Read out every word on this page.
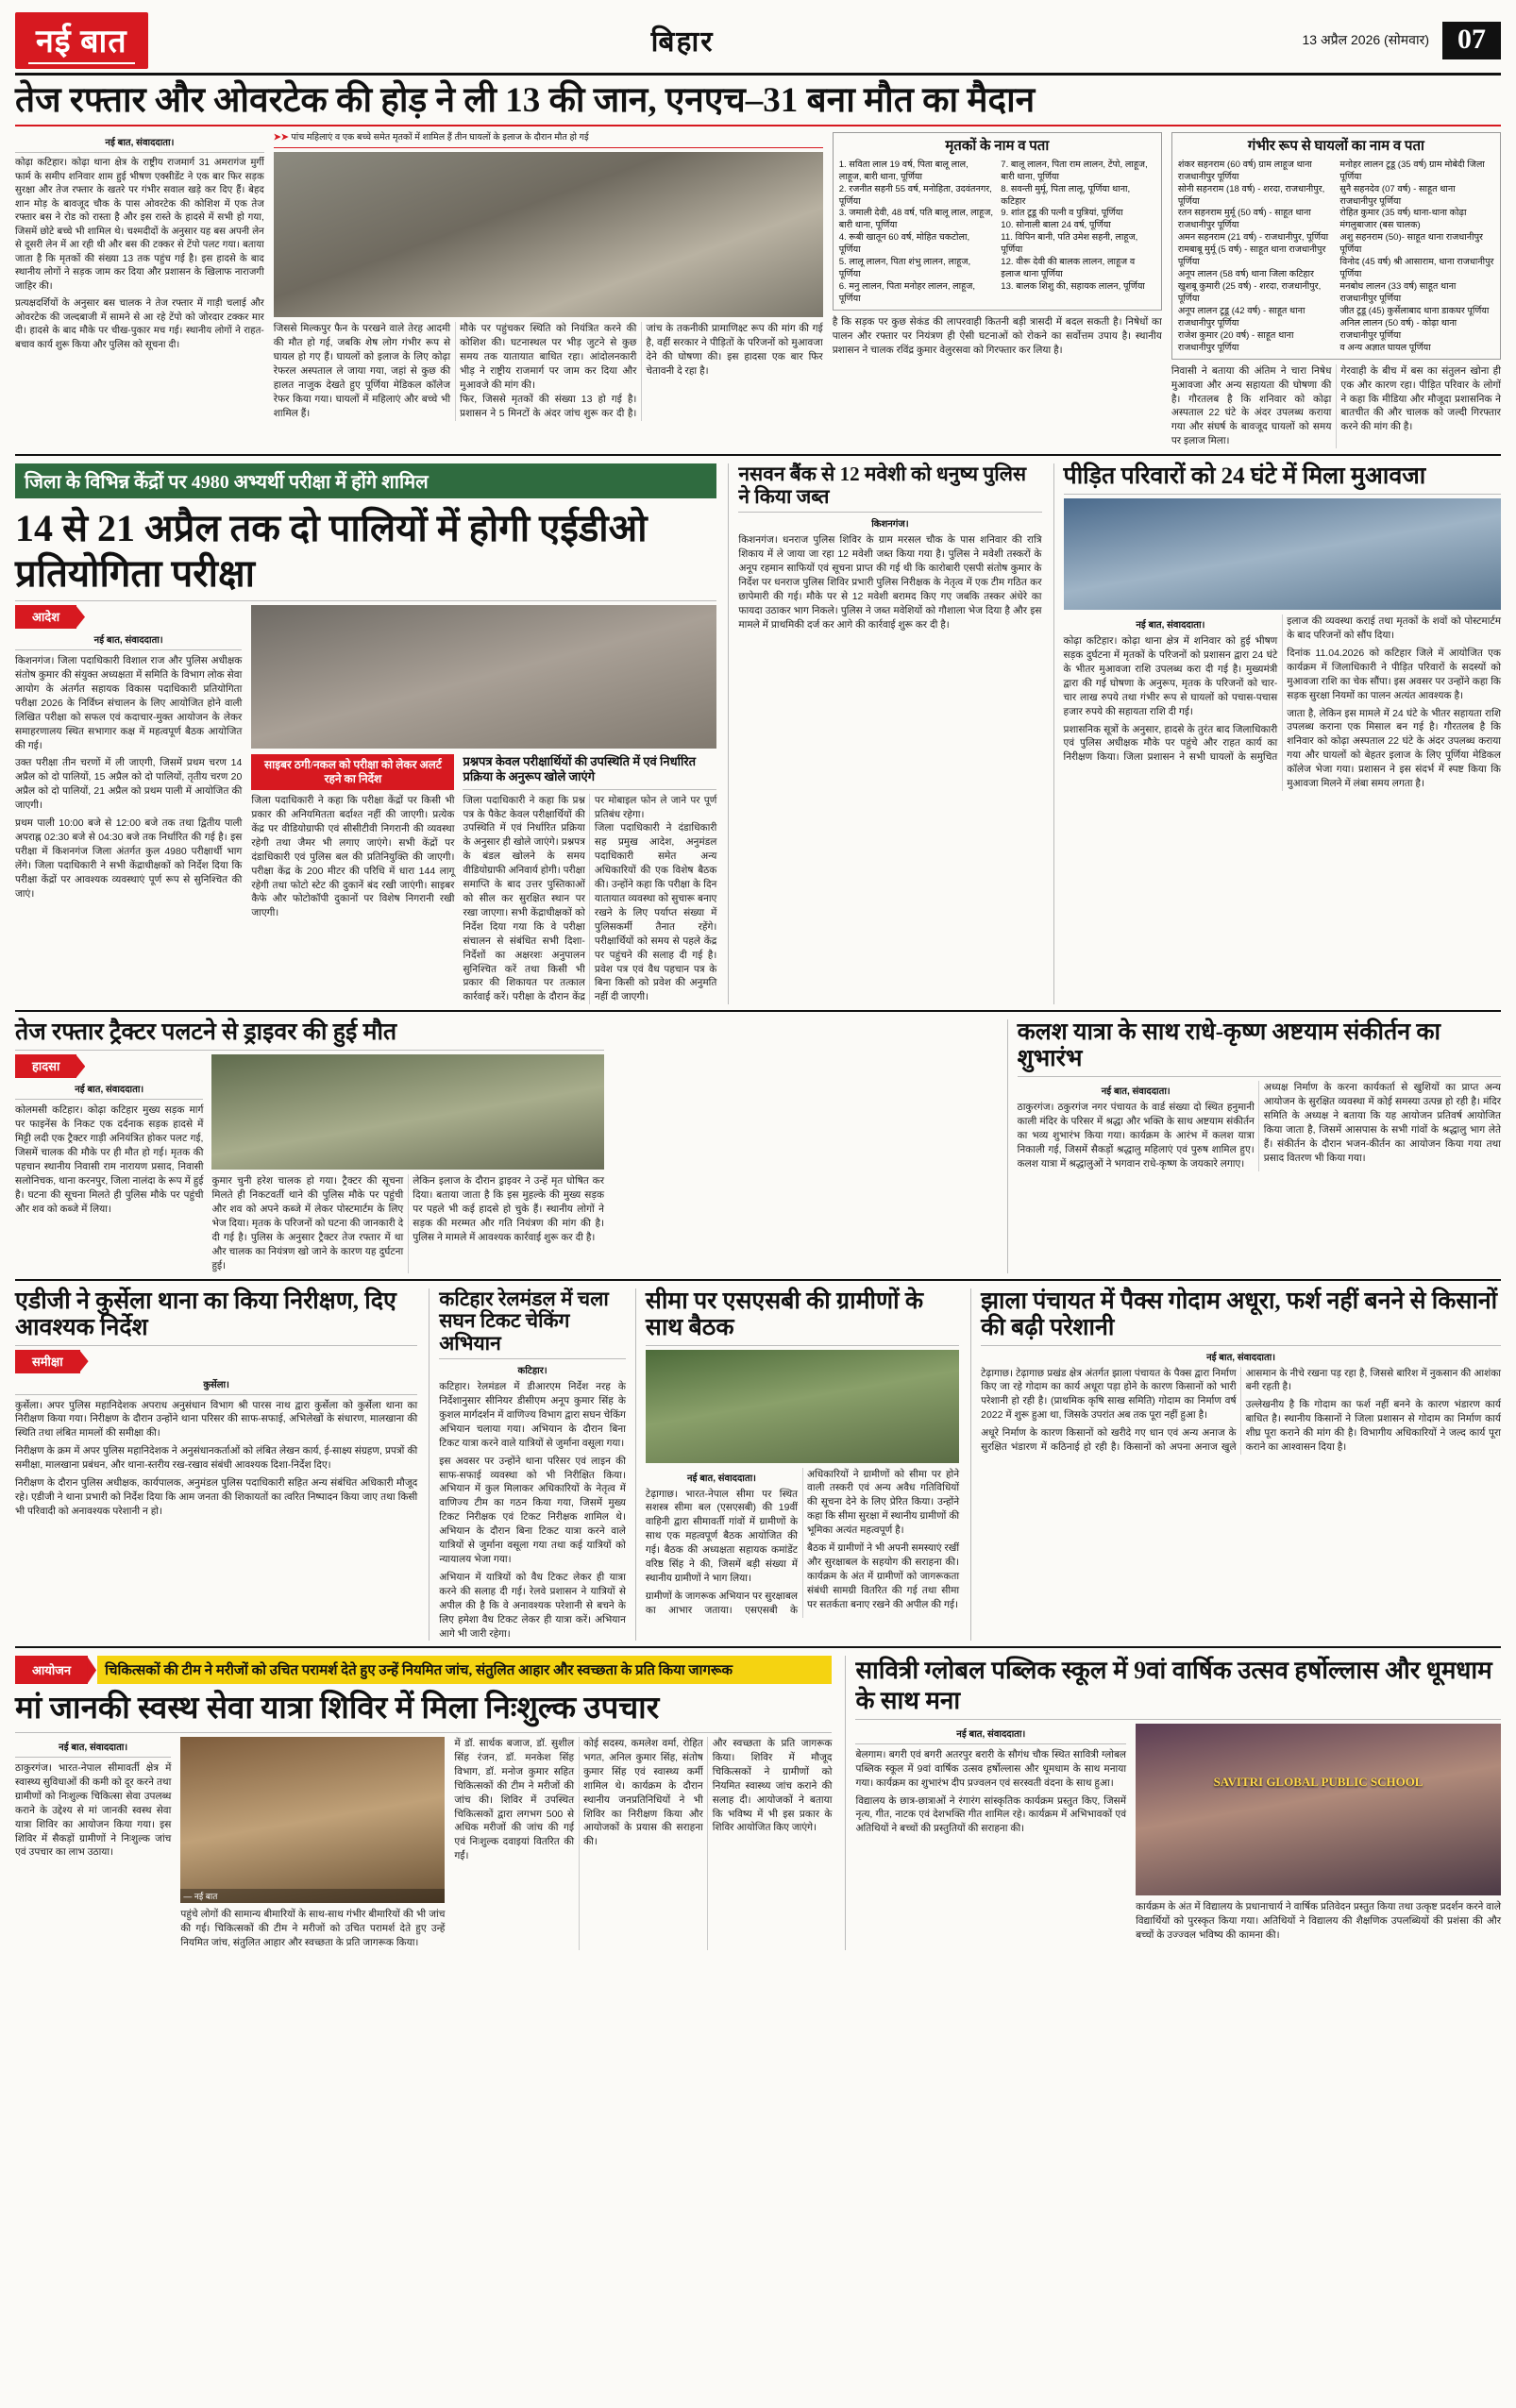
नई बात	बिहार	13 अप्रैल 2026 (सोमवार)	07
तेज रफ्तार और ओवरटेक की होड़ ने ली 13 की जान, एनएच–31 बना मौत का मैदान
नई बात, संवाददाता।
कोढ़ा कटिहार। कोढ़ा थाना क्षेत्र के राष्ट्रीय राजमार्ग 31 अमरागंज मुर्गी फार्म के समीप शनिवार शाम हुई भीषण एक्सीडेंट ने एक बार फिर सड़क सुरक्षा और तेज रफ्तार के खतरे पर गंभीर सवाल खड़े कर दिए हैं। बेहद शान मोड़ के बावजूद चौक के पास ओवरटेक की कोशिश में एक तेज रफ्तार बस ने रोड को रास्ता है और इस रास्ते के हादसे में सभी हो गया, जिसमें छोटे बच्चे भी शामिल थे। चश्मदीदों के अनुसार यह बस अपनी लेन से दूसरी लेन में आ रही थी और बस की टक्कर से टेंपो पलट गया। बताया जाता है कि मृतकों की संख्या 13 तक पहुंच गई है। इस हादसे के बाद स्थानीय लोगों ने सड़क जाम कर दिया और प्रशासन के खिलाफ नाराजगी जाहिर की।
प्रत्यक्षदर्शियों के अनुसार बस चालक ने तेज रफ्तार में गाड़ी चलाई और ओवरटेक की जल्दबाजी में सामने से आ रहे टेंपो को जोरदार टक्कर मार दी। हादसे के बाद मौके पर चीख-पुकार मच गई। स्थानीय लोगों ने राहत-बचाव कार्य शुरू किया और पुलिस को सूचना दी।
➤➤ पांच महिलाएं व एक बच्चे समेत मृतकों में शामिल हैं तीन घायलों के इलाज के दौरान मौत हो गई
जिससे मिल्कपुर फैन के परखने वाले तेरह आदमी की मौत हो गई, जबकि शेष लोग गंभीर रूप से घायल हो गए हैं। घायलों को इलाज के लिए कोढ़ा रेफरल अस्पताल ले जाया गया, जहां से कुछ की हालत नाजुक देखते हुए पूर्णिया मेडिकल कॉलेज रेफर किया गया। घायलों में महिलाएं और बच्चे भी शामिल हैं।
मौके पर पहुंचकर स्थिति को नियंत्रित करने की कोशिश की। घटनास्थल पर भीड़ जुटने से कुछ समय तक यातायात बाधित रहा। आंदोलनकारी भीड़ ने राष्ट्रीय राजमार्ग पर जाम कर दिया और मुआवजे की मांग की।
फिर, जिससे मृतकों की संख्या 13 हो गई है। प्रशासन ने 5 मिनटों के अंदर जांच शुरू कर दी है। जांच के तकनीकी प्रामाणिक्ष्ट रूप की मांग की गई है, वहीं सरकार ने पीड़ितों के परिजनों को मुआवजा देने की घोषणा की। इस हादसा एक बार फिर चेतावनी दे रहा है।
मृतकों के नाम व पता
1. सविता लाल 19 वर्ष, पिता बालू लाल, लाहूज, बारी थाना, पूर्णिया
2. रजनीत सहनी 55 वर्ष, मनोहिता, उदवंतनगर, पूर्णिया
3. जमाली देवी, 48 वर्ष, पति बालू लाल, लाहूज, बारी थाना, पूर्णिया
4. रूबी खातून 60 वर्ष, मोहित चकटोला, पूर्णिया
5. लालू लालन, पिता शंभु लालन, लाहूज, पूर्णिया
6. मनु लालन, पिता मनोहर लालन, लाहूज, पूर्णिया
7. बालू लालन, पिता राम लालन, टेंपो, लाहूज, बारी थाना, पूर्णिया
8. सवन्ती मुर्मू, पिता लालू, पूर्णिया थाना, कटिहार
9. शांत टूडू की पत्नी व पुत्रियां, पूर्णिया
10. सोनाली बाला 24 वर्ष, पूर्णिया
11. विपिन बानी, पति उमेश सहनी, लाहूज, पूर्णिया
12. वीरू देवी की बालक लालन, लाहूज व इलाज थाना पूर्णिया
13. बालक शिशु की, सहायक लालन, पूर्णिया
है कि सड़क पर कुछ सेकंड की लापरवाही कितनी बड़ी त्रासदी में बदल सकती है। निषेधों का पालन और रफ्तार पर नियंत्रण ही ऐसी घटनाओं को रोकने का सर्वोत्तम उपाय है। स्थानीय प्रशासन ने चालक रविंद्र कुमार वेलुरसवा को गिरफ्तार कर लिया है।
गंभीर रूप से घायलों का नाम व पता
शंकर सहनराम (60 वर्ष) ग्राम लाहूज थाना राजधानीपुर पूर्णिया
सोनी सहनराम (18 वर्ष) - शरदा, राजधानीपुर, पूर्णिया
रतन सहनराम मुर्मू (50 वर्ष) - साहूत थाना राजधानीपुर पूर्णिया
अमन सहनराम (21 वर्ष) - राजधानीपुर, पूर्णिया
रामबाबू मुर्मू (5 वर्ष) - साहूत थाना राजधानीपुर पूर्णिया
अनूप लालन (58 वर्ष) थाना जिला कटिहार
खुशबू कुमारी (25 वर्ष) - शरदा, राजधानीपुर, पूर्णिया
अनूप लालन टूडू (42 वर्ष) - साहूत थाना राजधानीपुर पूर्णिया
राजेश कुमार (20 वर्ष) - साहूत थाना राजधानीपुर पूर्णिया
मनोहर लालन टूडू (35 वर्ष) ग्राम मोबेदी जिला पूर्णिया
सुनै सहनदेव (07 वर्ष) - साहूत थाना राजधानीपुर पूर्णिया
रोहित कुमार (35 वर्ष) थाना-थाना कोढ़ा मंगलुबाजार (बस चालक)
अशु सहनराम (50)- साहूत थाना राजधानीपुर पूर्णिया
विनोद (45 वर्ष) श्री आसाराम, थाना राजधानीपुर पूर्णिया
मनबोध लालन (33 वर्ष) साहूत थाना राजधानीपुर पूर्णिया
जीत टूडू (45) कुर्सेलाबाद थाना डाकघर पूर्णिया
अनिल लालन (50 वर्ष) - कोढ़ा थाना राजधानीपुर पूर्णिया
व अन्य अज्ञात घायल पूर्णिया
निवासी ने बताया की अंतिम ने चारा निषेध मुआवजा और अन्य सहायता की घोषणा की है। गौरतलब है कि शनिवार को कोढ़ा अस्पताल 22 घंटे के अंदर उपलब्ध कराया गया और संघर्ष के बावजूद घायलों को समय पर इलाज मिला।
गेरवाही के बीच में बस का संतुलन खोना ही एक और कारण रहा। पीड़ित परिवार के लोगों ने कहा कि मीडिया और मौजूदा प्रशासनिक ने बातचीत की और चालक को जल्दी गिरफ्तार करने की मांग की है।
जिला के विभिन्न केंद्रों पर 4980 अभ्यर्थी परीक्षा में होंगे शामिल
14 से 21 अप्रैल तक दो पालियों में होगी एईडीओ प्रतियोगिता परीक्षा
आदेश
नई बात, संवाददाता।
किशनगंज। जिला पदाधिकारी विशाल राज और पुलिस अधीक्षक संतोष कुमार की संयुक्त अध्यक्षता में समिति के विभाग लोक सेवा आयोग के अंतर्गत सहायक विकास पदाधिकारी प्रतियोगिता परीक्षा 2026 के निर्विघ्न संचालन के लिए आयोजित होने वाली लिखित परीक्षा को सफल एवं कदाचार-मुक्त आयोजन के लेकर समाहरणालय स्थित सभागार कक्ष में महत्वपूर्ण बैठक आयोजित की गई।
उक्त परीक्षा तीन चरणों में ली जाएगी, जिसमें प्रथम चरण 14 अप्रैल को दो पालियों, 15 अप्रैल को दो पालियों, तृतीय चरण 20 अप्रैल को दो पालियों, 21 अप्रैल को प्रथम पाली में आयोजित की जाएगी।
प्रथम पाली 10:00 बजे से 12:00 बजे तक तथा द्वितीय पाली अपराह्न 02:30 बजे से 04:30 बजे तक निर्धारित की गई है। इस परीक्षा में किशनगंज जिला अंतर्गत कुल 4980 परीक्षार्थी भाग लेंगे। जिला पदाधिकारी ने सभी केंद्राधीक्षकों को निर्देश दिया कि परीक्षा केंद्रों पर आवश्यक व्यवस्थाएं पूर्ण रूप से सुनिश्चित की जाएं।
साइबर ठगी/नकल को परीक्षा को लेकर अलर्ट रहने का निर्देश
जिला पदाधिकारी ने कहा कि परीक्षा केंद्रों पर किसी भी प्रकार की अनियमितता बर्दाश्त नहीं की जाएगी। प्रत्येक केंद्र पर वीडियोग्राफी एवं सीसीटीवी निगरानी की व्यवस्था रहेगी तथा जैमर भी लगाए जाएंगे। सभी केंद्रों पर दंडाधिकारी एवं पुलिस बल की प्रतिनियुक्ति की जाएगी। परीक्षा केंद्र के 200 मीटर की परिधि में धारा 144 लागू रहेगी तथा फोटो स्टेट की दुकानें बंद रखी जाएंगी। साइबर कैफे और फोटोकॉपी दुकानों पर विशेष निगरानी रखी जाएगी।
प्रश्नपत्र केवल परीक्षार्थियों की उपस्थिति में एवं निर्धारित प्रक्रिया के अनुरूप खोले जाएंगे
जिला पदाधिकारी ने कहा कि प्रश्न पत्र के पैकेट केवल परीक्षार्थियों की उपस्थिति में एवं निर्धारित प्रक्रिया के अनुसार ही खोले जाएंगे। प्रश्नपत्र के बंडल खोलने के समय वीडियोग्राफी अनिवार्य होगी। परीक्षा समाप्ति के बाद उत्तर पुस्तिकाओं को सील कर सुरक्षित स्थान पर रखा जाएगा। सभी केंद्राधीक्षकों को निर्देश दिया गया कि वे परीक्षा संचालन से संबंधित सभी दिशा-निर्देशों का अक्षरशः अनुपालन सुनिश्चित करें तथा किसी भी प्रकार की शिकायत पर तत्काल कार्रवाई करें। परीक्षा के दौरान केंद्र पर मोबाइल फोन ले जाने पर पूर्ण प्रतिबंध रहेगा।
जिला पदाधिकारी ने दंडाधिकारी सह प्रमुख आदेश, अनुमंडल पदाधिकारी समेत अन्य अधिकारियों की एक विशेष बैठक की। उन्होंने कहा कि परीक्षा के दिन यातायात व्यवस्था को सुचारू बनाए रखने के लिए पर्याप्त संख्या में पुलिसकर्मी तैनात रहेंगे। परीक्षार्थियों को समय से पहले केंद्र पर पहुंचने की सलाह दी गई है। प्रवेश पत्र एवं वैध पहचान पत्र के बिना किसी को प्रवेश की अनुमति नहीं दी जाएगी।
नसवन बैंक से 12 मवेशी को धनुष्य पुलिस ने किया जब्त
किशनगंज।
किशनगंज। धनराज पुलिस शिविर के ग्राम मरसल चौक के पास शनिवार की रात्रि शिकाय में ले जाया जा रहा 12 मवेशी जब्त किया गया है। पुलिस ने मवेशी तस्करों के अनूप रहमान साफियों एवं सूचना प्राप्त की गई थी कि कारोबारी एसपी संतोष कुमार के निर्देश पर धनराज पुलिस शिविर प्रभारी पुलिस निरीक्षक के नेतृत्व में एक टीम गठित कर छापेमारी की गई। मौके पर से 12 मवेशी बरामद किए गए जबकि तस्कर अंधेरे का फायदा उठाकर भाग निकले। पुलिस ने जब्त मवेशियों को गौशाला भेज दिया है और इस मामले में प्राथमिकी दर्ज कर आगे की कार्रवाई शुरू कर दी है।
पीड़ित परिवारों को 24 घंटे में मिला मुआवजा
नई बात, संवाददाता।
कोढ़ा कटिहार। कोढ़ा थाना क्षेत्र में शनिवार को हुई भीषण सड़क दुर्घटना में मृतकों के परिजनों को प्रशासन द्वारा 24 घंटे के भीतर मुआवजा राशि उपलब्ध करा दी गई है। मुख्यमंत्री द्वारा की गई घोषणा के अनुरूप, मृतक के परिजनों को चार-चार लाख रुपये तथा गंभीर रूप से घायलों को पचास-पचास हजार रुपये की सहायता राशि दी गई।
प्रशासनिक सूत्रों के अनुसार, हादसे के तुरंत बाद जिलाधिकारी एवं पुलिस अधीक्षक मौके पर पहुंचे और राहत कार्य का निरीक्षण किया। जिला प्रशासन ने सभी घायलों के समुचित इलाज की व्यवस्था कराई तथा मृतकों के शवों को पोस्टमार्टम के बाद परिजनों को सौंप दिया।
दिनांक 11.04.2026 को कटिहार जिले में आयोजित एक कार्यक्रम में जिलाधिकारी ने पीड़ित परिवारों के सदस्यों को मुआवजा राशि का चेक सौंपा। इस अवसर पर उन्होंने कहा कि सड़क सुरक्षा नियमों का पालन अत्यंत आवश्यक है।
जाता है, लेकिन इस मामले में 24 घंटे के भीतर सहायता राशि उपलब्ध कराना एक मिसाल बन गई है। गौरतलब है कि शनिवार को कोढ़ा अस्पताल 22 घंटे के अंदर उपलब्ध कराया गया और घायलों को बेहतर इलाज के लिए पूर्णिया मेडिकल कॉलेज भेजा गया। प्रशासन ने इस संदर्भ में स्पष्ट किया कि मुआवजा मिलने में लंबा समय लगता है।
तेज रफ्तार ट्रैक्टर पलटने से ड्राइवर की हुई मौत
हादसा
नई बात, संवाददाता।
कोलमसी कटिहार। कोढ़ा कटिहार मुख्य सड़क मार्ग पर फाइनेंस के निकट एक दर्दनाक सड़क हादसे में मिट्टी लदी एक ट्रैक्टर गाड़ी अनियंत्रित होकर पलट गई, जिसमें चालक की मौके पर ही मौत हो गई। मृतक की पहचान स्थानीय निवासी राम नारायण प्रसाद, निवासी सलोनिचक, थाना करनपुर, जिला नालंदा के रूप में हुई है। घटना की सूचना मिलते ही पुलिस मौके पर पहुंची और शव को कब्जे में लिया।
कुमार चुनी हरेश चालक हो गया। ट्रैक्टर की सूचना मिलते ही निकटवर्ती थाने की पुलिस मौके पर पहुंची और शव को अपने कब्जे में लेकर पोस्टमार्टम के लिए भेज दिया। मृतक के परिजनों को घटना की जानकारी दे दी गई है। पुलिस के अनुसार ट्रैक्टर तेज रफ्तार में था और चालक का नियंत्रण खो जाने के कारण यह दुर्घटना हुई।
लेकिन इलाज के दौरान ड्राइवर ने उन्हें मृत घोषित कर दिया। बताया जाता है कि इस मुहल्के की मुख्य सड़क पर पहले भी कई हादसे हो चुके हैं। स्थानीय लोगों ने सड़क की मरम्मत और गति नियंत्रण की मांग की है। पुलिस ने मामले में आवश्यक कार्रवाई शुरू कर दी है।
कलश यात्रा के साथ राधे-कृष्ण अष्टयाम संकीर्तन का शुभारंभ
नई बात, संवाददाता।
ठाकुरगंज। ठकुरगंज नगर पंचायत के वार्ड संख्या दो स्थित हनुमानी काली मंदिर के परिसर में श्रद्धा और भक्ति के साथ अष्टयाम संकीर्तन का भव्य शुभारंभ किया गया। कार्यक्रम के आरंभ में कलश यात्रा निकाली गई, जिसमें सैकड़ों श्रद्धालु महिलाएं एवं पुरुष शामिल हुए। कलश यात्रा में श्रद्धालुओं ने भगवान राधे-कृष्ण के जयकारे लगाए।
अध्यक्ष निर्माण के करना कार्यकर्ता से खुशियों का प्राप्त अन्य आयोजन के सुरक्षित व्यवस्था में कोई समस्या उत्पन्न हो रही है। मंदिर समिति के अध्यक्ष ने बताया कि यह आयोजन प्रतिवर्ष आयोजित किया जाता है, जिसमें आसपास के सभी गांवों के श्रद्धालु भाग लेते हैं। संकीर्तन के दौरान भजन-कीर्तन का आयोजन किया गया तथा प्रसाद वितरण भी किया गया।
एडीजी ने कुर्सेला थाना का किया निरीक्षण, दिए आवश्यक निर्देश
समीक्षा
कुर्सेला।
कुर्सेला। अपर पुलिस महानिदेशक अपराध अनुसंधान विभाग श्री पारस नाथ द्वारा कुर्सेला को कुर्सेला थाना का निरीक्षण किया गया। निरीक्षण के दौरान उन्होंने थाना परिसर की साफ-सफाई, अभिलेखों के संधारण, मालखाना की स्थिति तथा लंबित मामलों की समीक्षा की।
निरीक्षण के क्रम में अपर पुलिस महानिदेशक ने अनुसंधानकर्ताओं को लंबित लेखन कार्य, ई-साक्ष्य संग्रहण, प्रपत्रों की समीक्षा, मालखाना प्रबंधन, और थाना-स्तरीय रख-रखाव संबंधी आवश्यक दिशा-निर्देश दिए।
निरीक्षण के दौरान पुलिस अधीक्षक, कार्यपालक, अनुमंडल पुलिस पदाधिकारी सहित अन्य संबंधित अधिकारी मौजूद रहे। एडीजी ने थाना प्रभारी को निर्देश दिया कि आम जनता की शिकायतों का त्वरित निष्पादन किया जाए तथा किसी भी परिवादी को अनावश्यक परेशानी न हो।
कटिहार रेलमंडल में चला सघन टिकट चेकिंग अभियान
कटिहार।
कटिहार। रेलमंडल में डीआरएम निर्देश नरह के निर्देशानुसार सीनियर डीसीएम अनूप कुमार सिंह के कुशल मार्गदर्शन में वाणिज्य विभाग द्वारा सघन चेकिंग अभियान चलाया गया। अभियान के दौरान बिना टिकट यात्रा करने वाले यात्रियों से जुर्माना वसूला गया।
इस अवसर पर उन्होंने थाना परिसर एवं लाइन की साफ-सफाई व्यवस्था को भी निरीक्षित किया। अभियान में कुल मिलाकर अधिकारियों के नेतृत्व में वाणिज्य टीम का गठन किया गया, जिसमें मुख्य टिकट निरीक्षक एवं टिकट निरीक्षक शामिल थे। अभियान के दौरान बिना टिकट यात्रा करने वाले यात्रियों से जुर्माना वसूला गया तथा कई यात्रियों को न्यायालय भेजा गया।
अभियान में यात्रियों को वैध टिकट लेकर ही यात्रा करने की सलाह दी गई। रेलवे प्रशासन ने यात्रियों से अपील की है कि वे अनावश्यक परेशानी से बचने के लिए हमेशा वैध टिकट लेकर ही यात्रा करें। अभियान आगे भी जारी रहेगा।
सीमा पर एसएसबी की ग्रामीणों के साथ बैठक
नई बात, संवाददाता।
टेढ़ागाछ। भारत-नेपाल सीमा पर स्थित सशस्त्र सीमा बल (एसएसबी) की 19वीं वाहिनी द्वारा सीमावर्ती गांवों में ग्रामीणों के साथ एक महत्वपूर्ण बैठक आयोजित की गई। बैठक की अध्यक्षता सहायक कमांडेंट वरिष्ठ सिंह ने की, जिसमें बड़ी संख्या में स्थानीय ग्रामीणों ने भाग लिया।
ग्रामीणों के जागरूक अभियान पर सुरक्षाबल का आभार जताया। एसएसबी के अधिकारियों ने ग्रामीणों को सीमा पर होने वाली तस्करी एवं अन्य अवैध गतिविधियों की सूचना देने के लिए प्रेरित किया। उन्होंने कहा कि सीमा सुरक्षा में स्थानीय ग्रामीणों की भूमिका अत्यंत महत्वपूर्ण है।
बैठक में ग्रामीणों ने भी अपनी समस्याएं रखीं और सुरक्षाबल के सहयोग की सराहना की। कार्यक्रम के अंत में ग्रामीणों को जागरूकता संबंधी सामग्री वितरित की गई तथा सीमा पर सतर्कता बनाए रखने की अपील की गई।
झाला पंचायत में पैक्स गोदाम अधूरा, फर्श नहीं बनने से किसानों की बढ़ी परेशानी
नई बात, संवाददाता।
टेढ़ागाछ। टेढ़ागाछ प्रखंड क्षेत्र अंतर्गत झाला पंचायत के पैक्स द्वारा निर्माण किए जा रहे गोदाम का कार्य अधूरा पड़ा होने के कारण किसानों को भारी परेशानी हो रही है। (प्राथमिक कृषि साख समिति) गोदाम का निर्माण वर्ष 2022 में शुरू हुआ था, जिसके उपरांत अब तक पूरा नहीं हुआ है।
अधूरे निर्माण के कारण किसानों को खरीदे गए धान एवं अन्य अनाज के सुरक्षित भंडारण में कठिनाई हो रही है। किसानों को अपना अनाज खुले आसमान के नीचे रखना पड़ रहा है, जिससे बारिश में नुकसान की आशंका बनी रहती है।
उल्लेखनीय है कि गोदाम का फर्श नहीं बनने के कारण भंडारण कार्य बाधित है। स्थानीय किसानों ने जिला प्रशासन से गोदाम का निर्माण कार्य शीघ्र पूरा कराने की मांग की है। विभागीय अधिकारियों ने जल्द कार्य पूरा कराने का आश्वासन दिया है।
आयोजन	चिकित्सकों की टीम ने मरीजों को उचित परामर्श देते हुए उन्हें नियमित जांच, संतुलित आहार और स्वच्छता के प्रति किया जागरूक
मां जानकी स्वस्थ सेवा यात्रा शिविर में मिला निःशुल्क उपचार
नई बात, संवाददाता।
ठाकुरगंज। भारत-नेपाल सीमावर्ती क्षेत्र में स्वास्थ्य सुविधाओं की कमी को दूर करने तथा ग्रामीणों को निःशुल्क चिकित्सा सेवा उपलब्ध कराने के उद्देश्य से मां जानकी स्वस्थ सेवा यात्रा शिविर का आयोजन किया गया। इस शिविर में सैकड़ों ग्रामीणों ने निःशुल्क जांच एवं उपचार का लाभ उठाया।
— नई बात
पहुंचे लोगों की सामान्य बीमारियों के साथ-साथ गंभीर बीमारियों की भी जांच की गई। चिकित्सकों की टीम ने मरीजों को उचित परामर्श देते हुए उन्हें नियमित जांच, संतुलित आहार और स्वच्छता के प्रति जागरूक किया।
में डॉ. सार्थक बजाज, डॉ. सुशील सिंह रंजन, डॉ. मनकेश सिंह विभाग, डॉ. मनोज कुमार सहित चिकित्सकों की टीम ने मरीजों की जांच की। शिविर में उपस्थित चिकित्सकों द्वारा लगभग 500 से अधिक मरीजों की जांच की गई एवं निःशुल्क दवाइयां वितरित की गईं।
कोई सदस्य, कमलेश वर्मा, रोहित भगत, अनिल कुमार सिंह, संतोष कुमार सिंह एवं स्वास्थ्य कर्मी शामिल थे। कार्यक्रम के दौरान स्थानीय जनप्रतिनिधियों ने भी शिविर का निरीक्षण किया और आयोजकों के प्रयास की सराहना की।
और स्वच्छता के प्रति जागरूक किया। शिविर में मौजूद चिकित्सकों ने ग्रामीणों को नियमित स्वास्थ्य जांच कराने की सलाह दी। आयोजकों ने बताया कि भविष्य में भी इस प्रकार के शिविर आयोजित किए जाएंगे।
सावित्री ग्लोबल पब्लिक स्कूल में 9वां वार्षिक उत्सव हर्षोल्लास और धूमधाम के साथ मना
नई बात, संवाददाता।
बेलगाम। बगरी एवं बगरी अतरपुर बरारी के सौगंध चौक स्थित सावित्री ग्लोबल पब्लिक स्कूल में 9वां वार्षिक उत्सव हर्षोल्लास और धूमधाम के साथ मनाया गया। कार्यक्रम का शुभारंभ दीप प्रज्वलन एवं सरस्वती वंदना के साथ हुआ।
विद्यालय के छात्र-छात्राओं ने रंगारंग सांस्कृतिक कार्यक्रम प्रस्तुत किए, जिसमें नृत्य, गीत, नाटक एवं देशभक्ति गीत शामिल रहे। कार्यक्रम में अभिभावकों एवं अतिथियों ने बच्चों की प्रस्तुतियों की सराहना की।
SAVITRI GLOBAL PUBLIC SCHOOL
कार्यक्रम के अंत में विद्यालय के प्रधानाचार्य ने वार्षिक प्रतिवेदन प्रस्तुत किया तथा उत्कृष्ट प्रदर्शन करने वाले विद्यार्थियों को पुरस्कृत किया गया। अतिथियों ने विद्यालय की शैक्षणिक उपलब्धियों की प्रशंसा की और बच्चों के उज्ज्वल भविष्य की कामना की।
